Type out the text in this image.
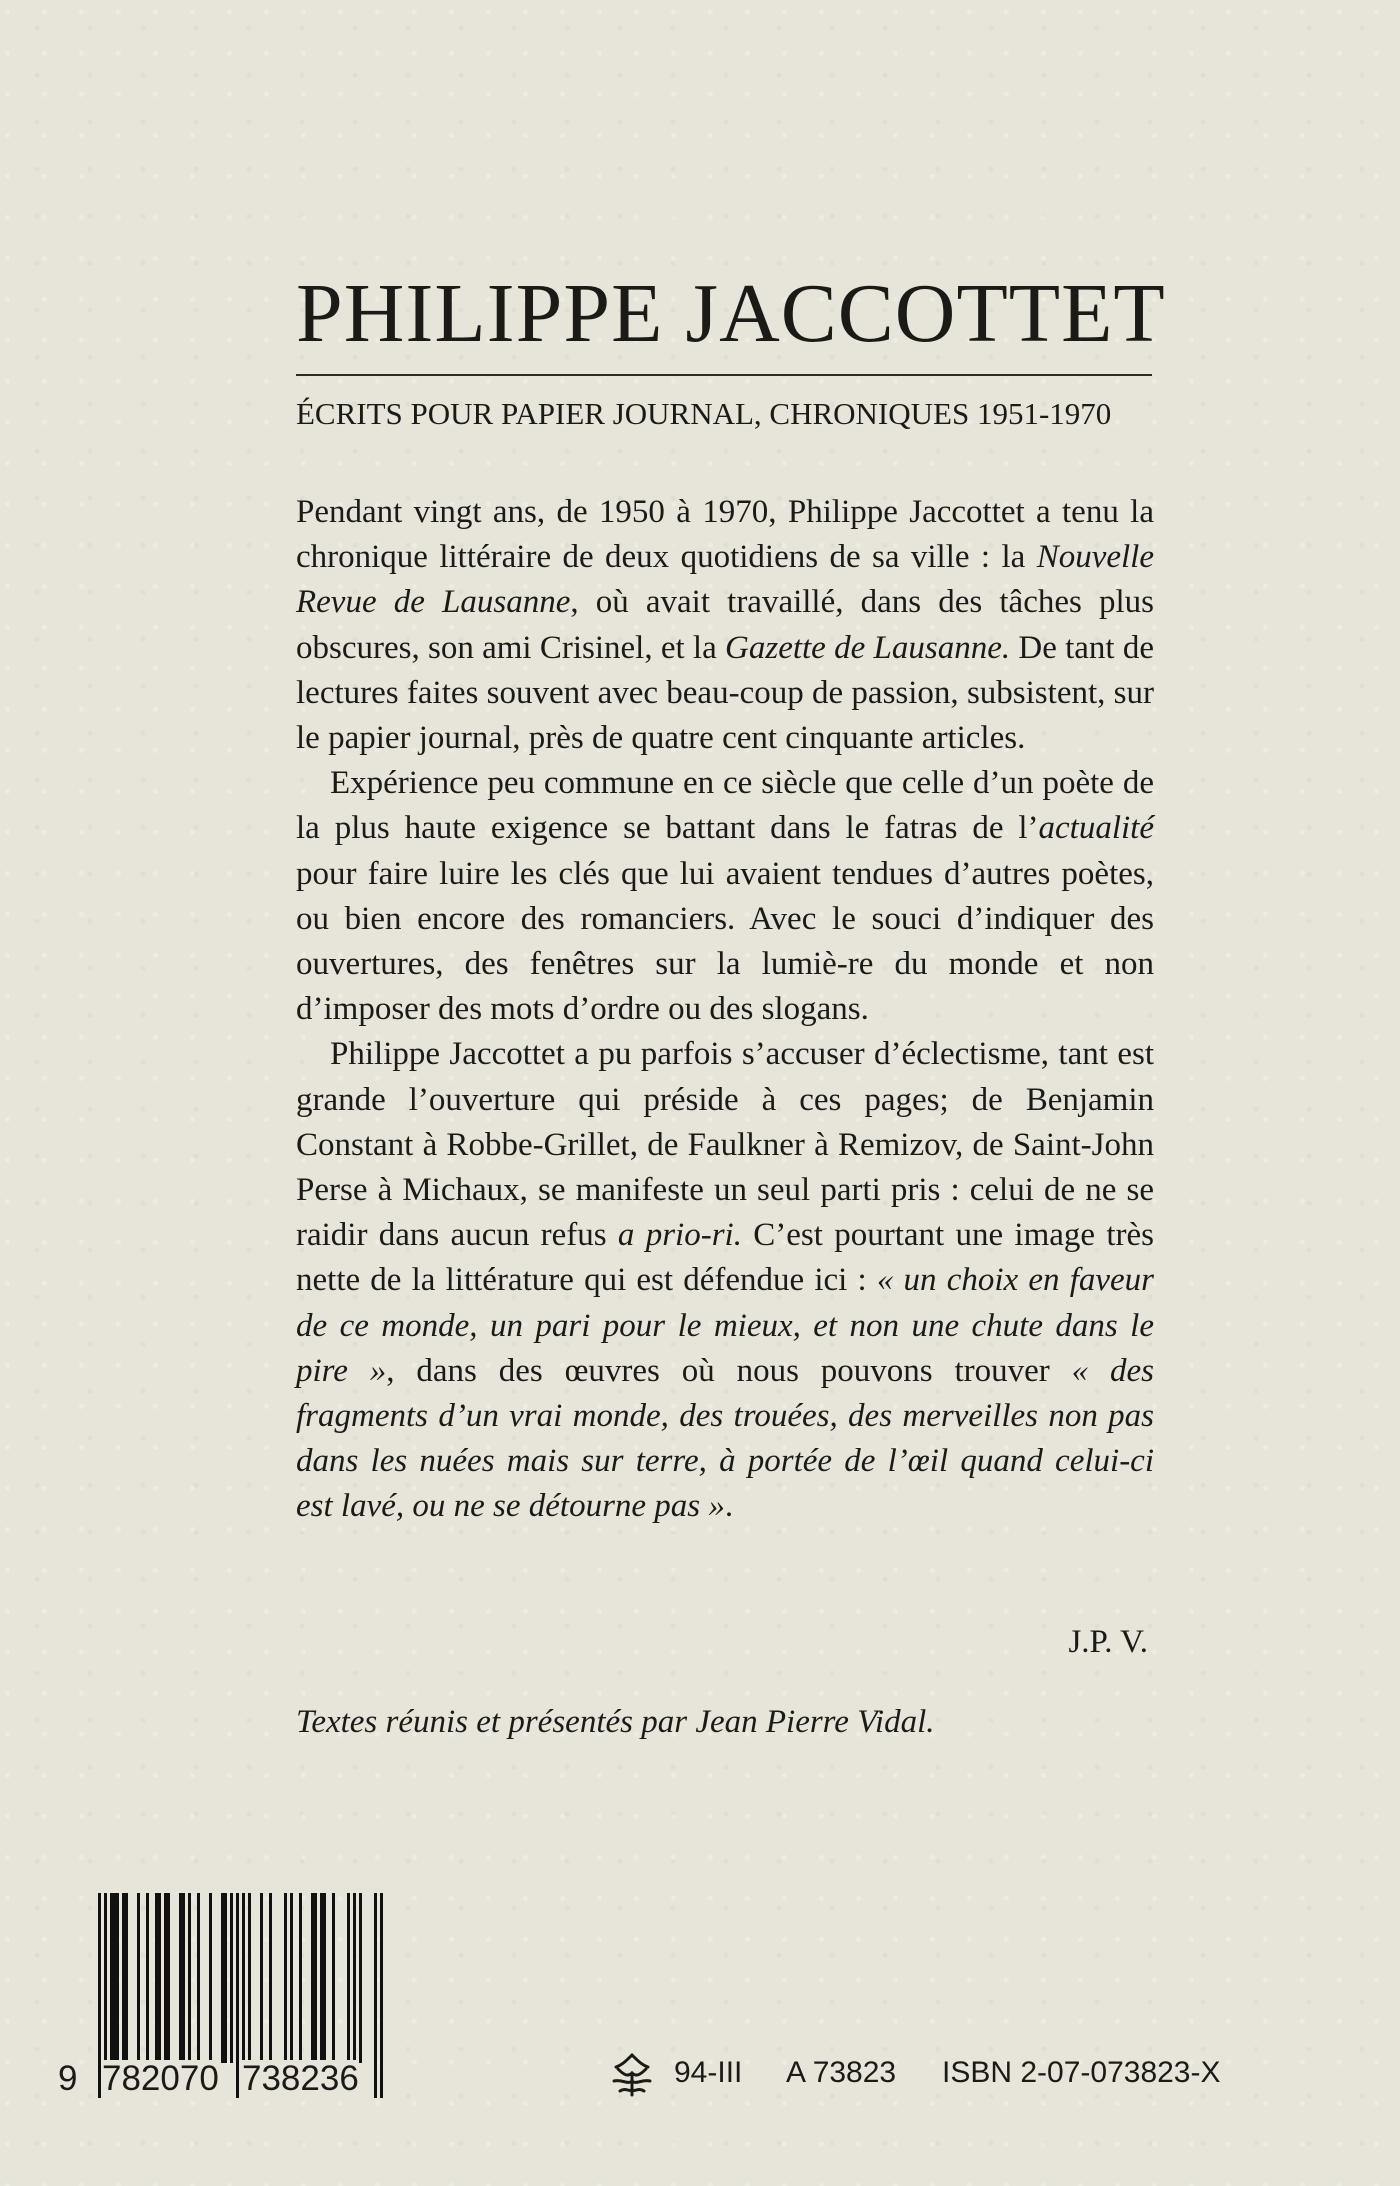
PHILIPPE JACCOTTET
ÉCRITS POUR PAPIER JOURNAL, CHRONIQUES 1951-1970

Pendant vingt ans, de 1950 à 1970, Philippe Jaccottet a tenu la chronique littéraire de deux quotidiens de sa ville : la Nouvelle Revue de Lausanne, où avait travaillé, dans des tâches plus obscures, son ami Crisinel, et la Gazette de Lausanne. De tant de lectures faites souvent avec beau-coup de passion, subsistent, sur le papier journal, près de quatre cent cinquante articles.

Expérience peu commune en ce siècle que celle d’un poète de la plus haute exigence se battant dans le fatras de l’actualité pour faire luire les clés que lui avaient tendues d’autres poètes, ou bien encore des romanciers. Avec le souci d’indiquer des ouvertures, des fenêtres sur la lumiè-re du monde et non d’imposer des mots d’ordre ou des slogans.

Philippe Jaccottet a pu parfois s’accuser d’éclectisme, tant est grande l’ouverture qui préside à ces pages; de Benjamin Constant à Robbe-Grillet, de Faulkner à Remizov, de Saint-John Perse à Michaux, se manifeste un seul parti pris : celui de ne se raidir dans aucun refus a prio-ri. C’est pourtant une image très nette de la littérature qui est défendue ici : « un choix en faveur de ce monde, un pari pour le mieux, et non une chute dans le pire », dans des œuvres où nous pouvons trouver « des fragments d’un vrai monde, des trouées, des merveilles non pas dans les nuées mais sur terre, à portée de l’œil quand celui-ci est lavé, ou ne se détourne pas ».

J.P. V.
Textes réunis et présentés par Jean Pierre Vidal.
9 782070 738236	94-III A 73823 ISBN 2-07-073823-X
